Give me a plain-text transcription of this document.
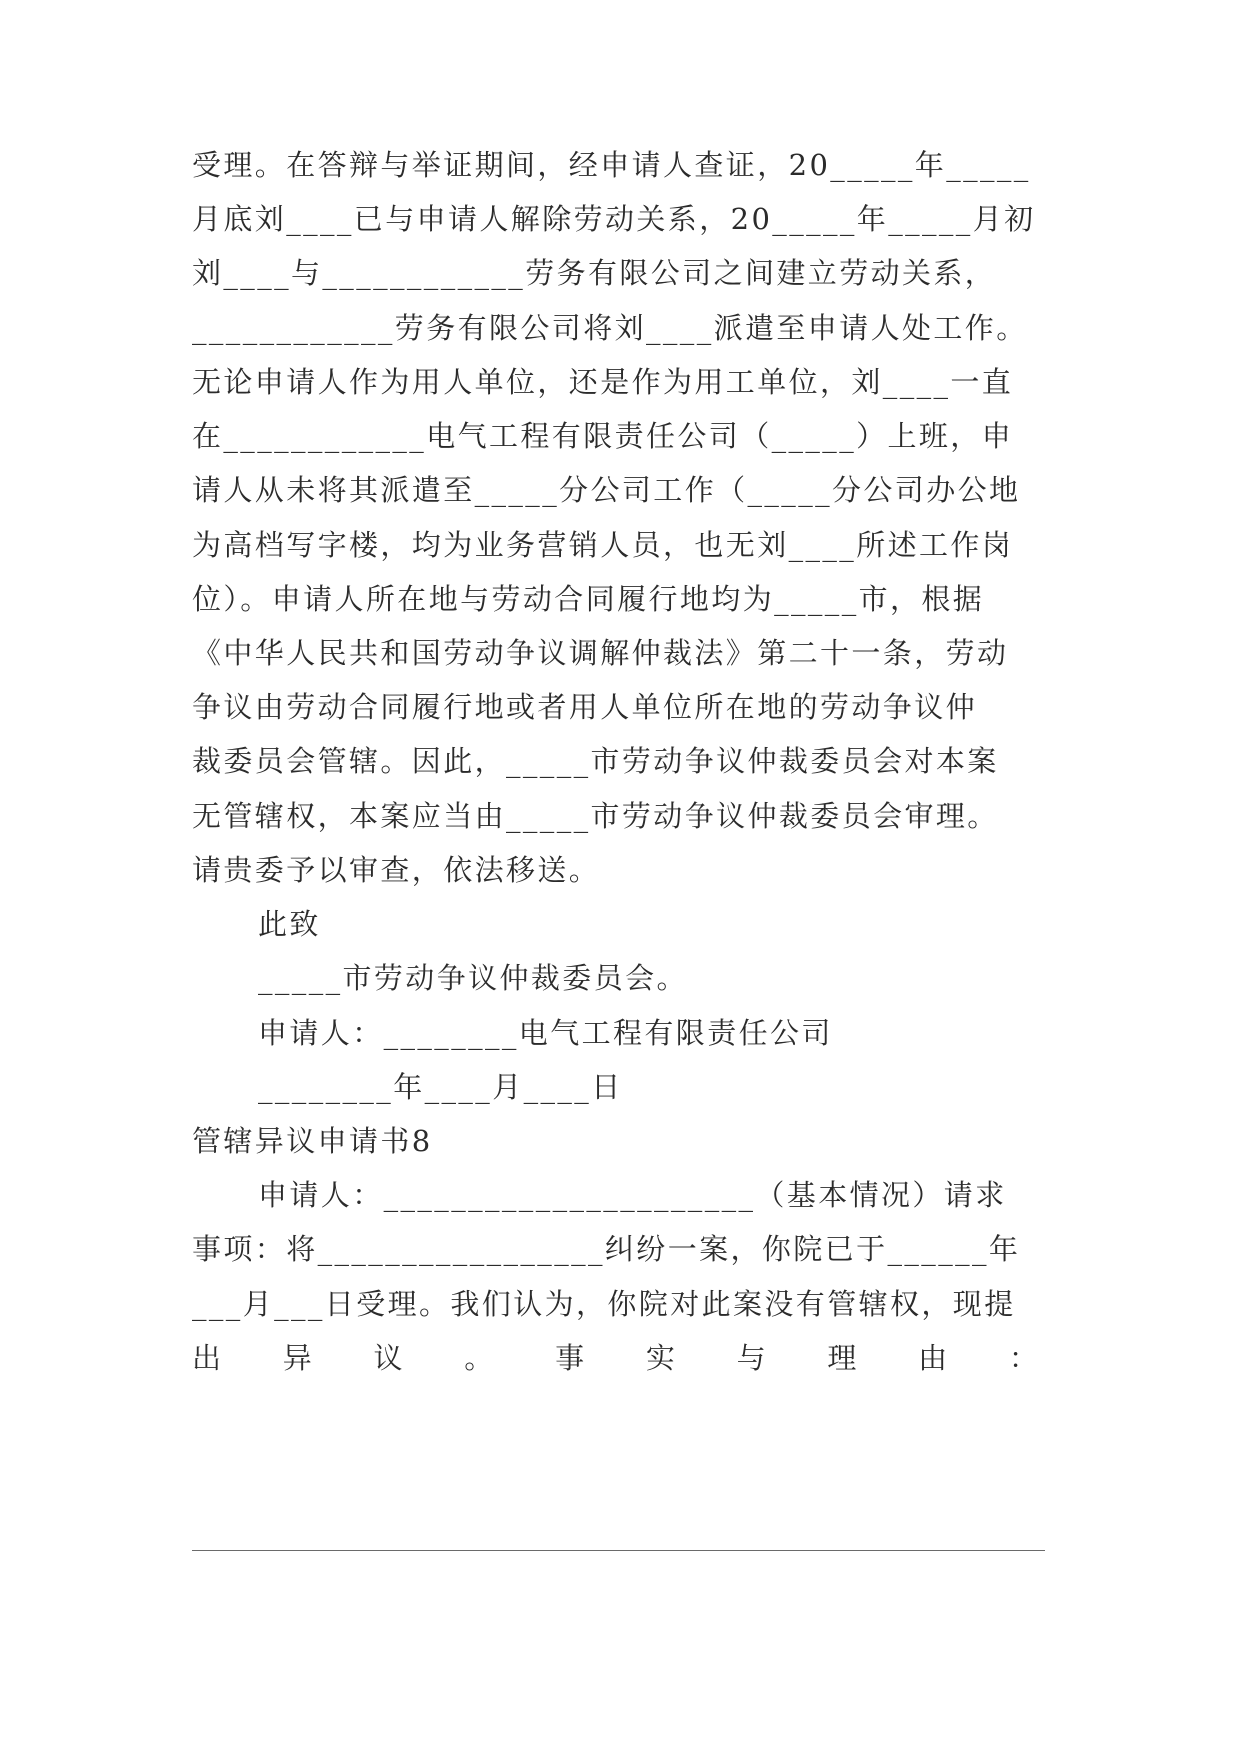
受理。在答辩与举证期间，经申请人查证，20_____年_____
月底刘____已与申请人解除劳动关系，20_____年_____月初
刘____与____________劳务有限公司之间建立劳动关系，
____________劳务有限公司将刘____派遣至申请人处工作。
无论申请人作为用人单位，还是作为用工单位，刘____一直
在____________电气工程有限责任公司（_____）上班，申
请人从未将其派遣至_____分公司工作（_____分公司办公地
为高档写字楼，均为业务营销人员，也无刘____所述工作岗
位）。申请人所在地与劳动合同履行地均为_____市，根据
《中华人民共和国劳动争议调解仲裁法》第二十一条，劳动
争议由劳动合同履行地或者用人单位所在地的劳动争议仲
裁委员会管辖。因此，_____市劳动争议仲裁委员会对本案
无管辖权，本案应当由_____市劳动争议仲裁委员会审理。
请贵委予以审查，依法移送。
此致
_____市劳动争议仲裁委员会。
申请人：________电气工程有限责任公司
________年____月____日
管辖异议申请书8
申请人：______________________（基本情况）请求
事项：将_________________纠纷一案，你院已于______年
___月___日受理。我们认为，你院对此案没有管辖权，现提
出 异 议 。 事 实 与 理 由 ：
